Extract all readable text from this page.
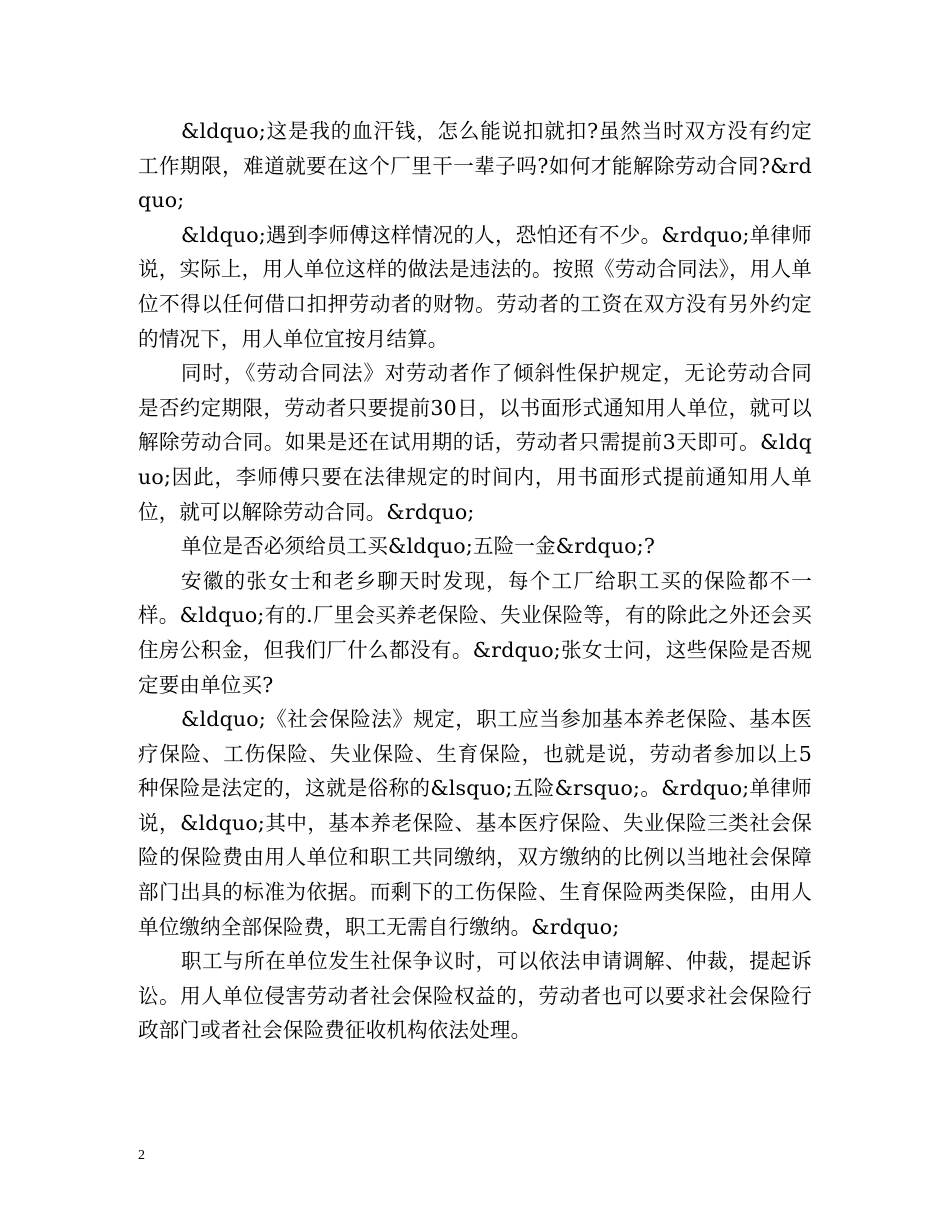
&ldquo;这是我的血汗钱，怎么能说扣就扣?虽然当时双方没有约定工作期限，难道就要在这个厂里干一辈子吗?如何才能解除劳动合同?&rdquo;

&ldquo;遇到李师傅这样情况的人，恐怕还有不少。&rdquo;单律师说，实际上，用人单位这样的做法是违法的。按照《劳动合同法》，用人单位不得以任何借口扣押劳动者的财物。劳动者的工资在双方没有另外约定的情况下，用人单位宜按月结算。

同时，《劳动合同法》对劳动者作了倾斜性保护规定，无论劳动合同是否约定期限，劳动者只要提前30日，以书面形式通知用人单位，就可以解除劳动合同。如果是还在试用期的话，劳动者只需提前3天即可。&ldquo;因此，李师傅只要在法律规定的时间内，用书面形式提前通知用人单位，就可以解除劳动合同。&rdquo;

单位是否必须给员工买&ldquo;五险一金&rdquo;?

安徽的张女士和老乡聊天时发现，每个工厂给职工买的保险都不一样。&ldquo;有的.厂里会买养老保险、失业保险等，有的除此之外还会买住房公积金，但我们厂什么都没有。&rdquo;张女士问，这些保险是否规定要由单位买?

&ldquo;《社会保险法》规定，职工应当参加基本养老保险、基本医疗保险、工伤保险、失业保险、生育保险，也就是说，劳动者参加以上5种保险是法定的，这就是俗称的&lsquo;五险&rsquo;。&rdquo;单律师说，&ldquo;其中，基本养老保险、基本医疗保险、失业保险三类社会保险的保险费由用人单位和职工共同缴纳，双方缴纳的比例以当地社会保障部门出具的标准为依据。而剩下的工伤保险、生育保险两类保险，由用人单位缴纳全部保险费，职工无需自行缴纳。&rdquo;

职工与所在单位发生社保争议时，可以依法申请调解、仲裁，提起诉讼。用人单位侵害劳动者社会保险权益的，劳动者也可以要求社会保险行政部门或者社会保险费征收机构依法处理。

2
